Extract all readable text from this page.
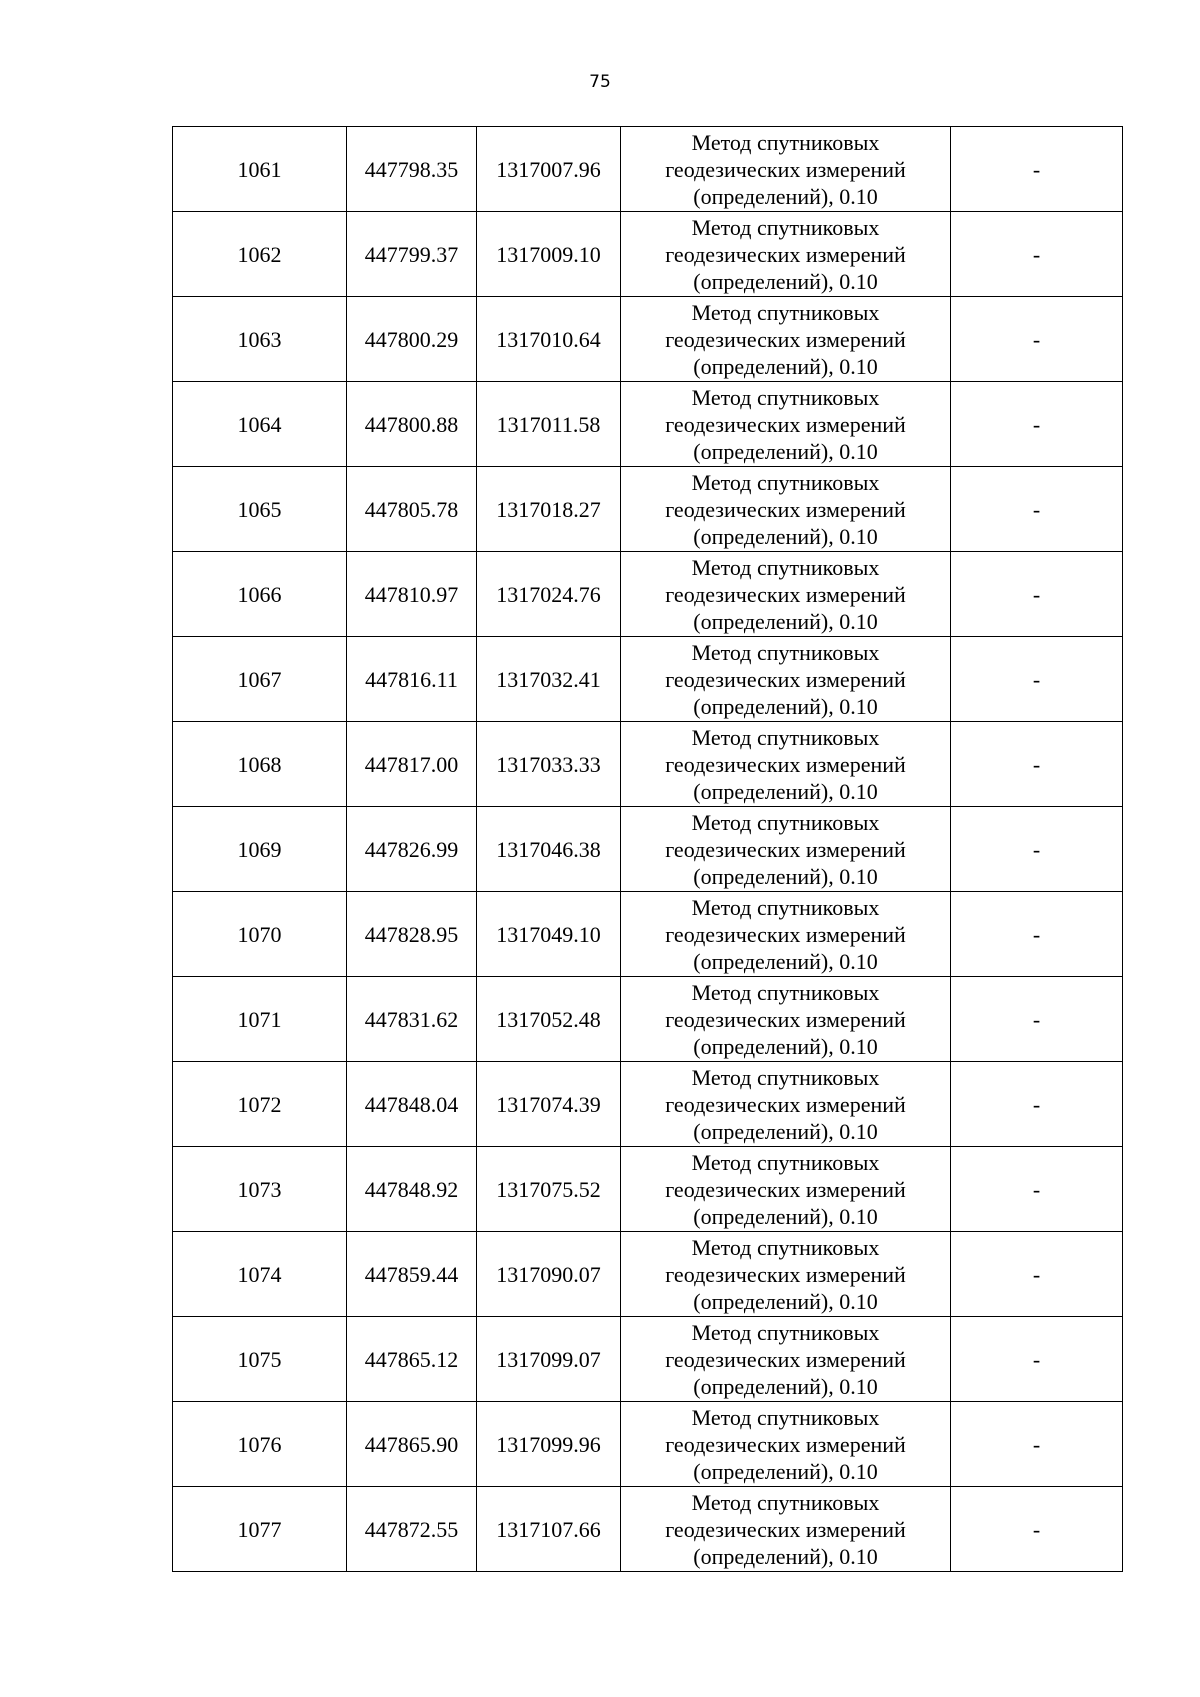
75
1061	447798.35	1317007.96	Метод спутниковых
геодезических измерений
(определений), 0.10	-
1062	447799.37	1317009.10	Метод спутниковых
геодезических измерений
(определений), 0.10	-
1063	447800.29	1317010.64	Метод спутниковых
геодезических измерений
(определений), 0.10	-
1064	447800.88	1317011.58	Метод спутниковых
геодезических измерений
(определений), 0.10	-
1065	447805.78	1317018.27	Метод спутниковых
геодезических измерений
(определений), 0.10	-
1066	447810.97	1317024.76	Метод спутниковых
геодезических измерений
(определений), 0.10	-
1067	447816.11	1317032.41	Метод спутниковых
геодезических измерений
(определений), 0.10	-
1068	447817.00	1317033.33	Метод спутниковых
геодезических измерений
(определений), 0.10	-
1069	447826.99	1317046.38	Метод спутниковых
геодезических измерений
(определений), 0.10	-
1070	447828.95	1317049.10	Метод спутниковых
геодезических измерений
(определений), 0.10	-
1071	447831.62	1317052.48	Метод спутниковых
геодезических измерений
(определений), 0.10	-
1072	447848.04	1317074.39	Метод спутниковых
геодезических измерений
(определений), 0.10	-
1073	447848.92	1317075.52	Метод спутниковых
геодезических измерений
(определений), 0.10	-
1074	447859.44	1317090.07	Метод спутниковых
геодезических измерений
(определений), 0.10	-
1075	447865.12	1317099.07	Метод спутниковых
геодезических измерений
(определений), 0.10	-
1076	447865.90	1317099.96	Метод спутниковых
геодезических измерений
(определений), 0.10	-
1077	447872.55	1317107.66	Метод спутниковых
геодезических измерений
(определений), 0.10	-
